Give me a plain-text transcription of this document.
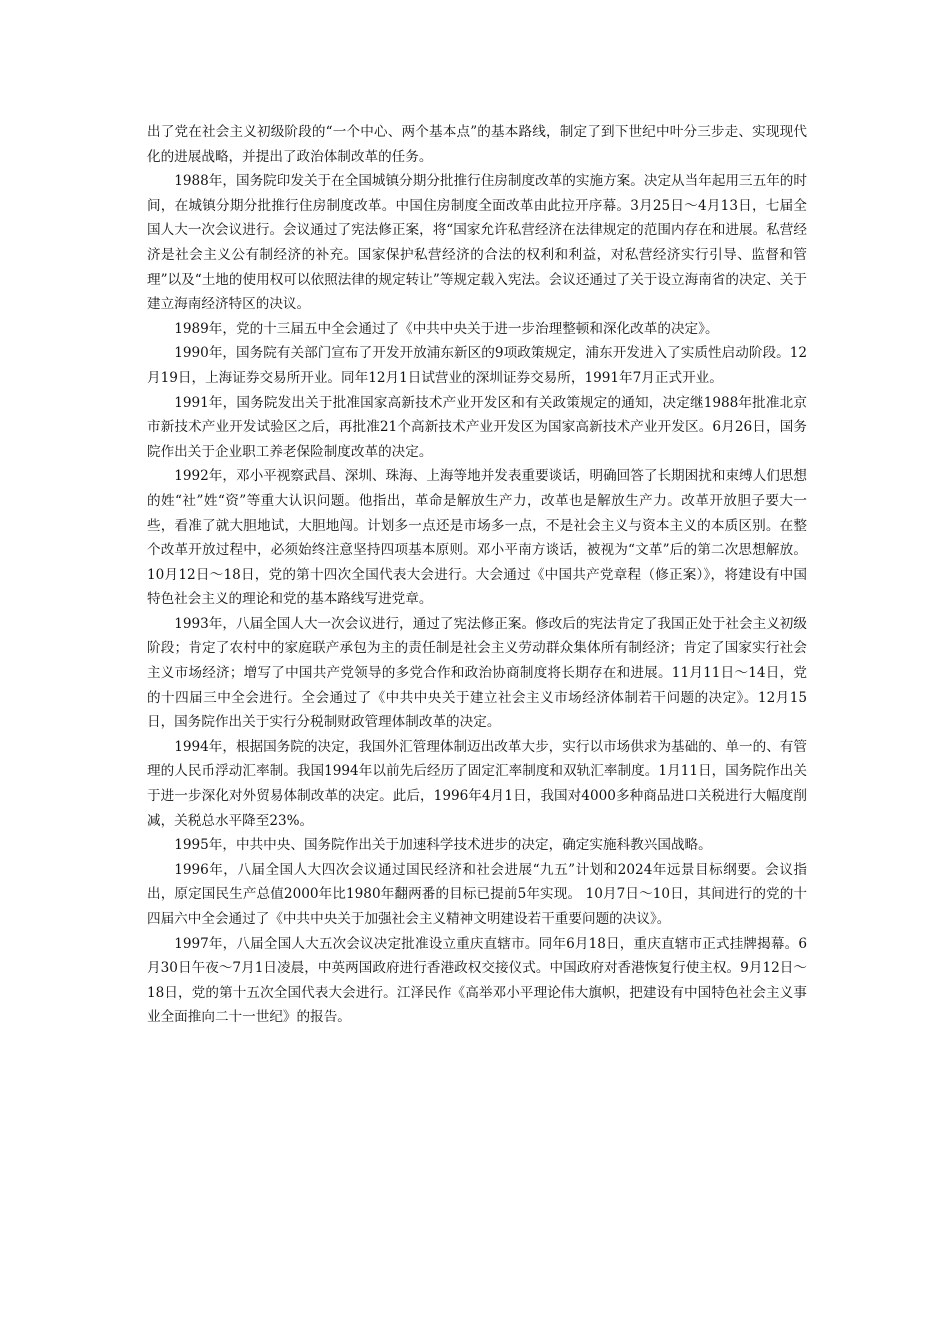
出了党在社会主义初级阶段的“一个中心、两个基本点”的基本路线，制定了到下世纪中叶分三步走、实现现代化的进展战略，并提出了政治体制改革的任务。

1988年，国务院印发关于在全国城镇分期分批推行住房制度改革的实施方案。决定从当年起用三五年的时间，在城镇分期分批推行住房制度改革。中国住房制度全面改革由此拉开序幕。3月25日～4月13日，七届全国人大一次会议进行。会议通过了宪法修正案，将“国家允许私营经济在法律规定的范围内存在和进展。私营经济是社会主义公有制经济的补充。国家保护私营经济的合法的权利和利益，对私营经济实行引导、监督和管理”以及“土地的使用权可以依照法律的规定转让”等规定载入宪法。会议还通过了关于设立海南省的决定、关于建立海南经济特区的决议。

1989年，党的十三届五中全会通过了《中共中央关于进一步治理整顿和深化改革的决定》。

1990年，国务院有关部门宣布了开发开放浦东新区的9项政策规定，浦东开发进入了实质性启动阶段。12月19日，上海证券交易所开业。同年12月1日试营业的深圳证券交易所，1991年7月正式开业。

1991年，国务院发出关于批准国家高新技术产业开发区和有关政策规定的通知，决定继1988年批准北京市新技术产业开发试验区之后，再批准21个高新技术产业开发区为国家高新技术产业开发区。6月26日，国务院作出关于企业职工养老保险制度改革的决定。

1992年，邓小平视察武昌、深圳、珠海、上海等地并发表重要谈话，明确回答了长期困扰和束缚人们思想的姓“社”姓“资”等重大认识问题。他指出，革命是解放生产力，改革也是解放生产力。改革开放胆子要大一些，看准了就大胆地试，大胆地闯。计划多一点还是市场多一点，不是社会主义与资本主义的本质区别。在整个改革开放过程中，必须始终注意坚持四项基本原则。邓小平南方谈话，被视为“文革”后的第二次思想解放。10月12日～18日，党的第十四次全国代表大会进行。大会通过《中国共产党章程（修正案）》，将建设有中国特色社会主义的理论和党的基本路线写进党章。

1993年，八届全国人大一次会议进行，通过了宪法修正案。修改后的宪法肯定了我国正处于社会主义初级阶段；肯定了农村中的家庭联产承包为主的责任制是社会主义劳动群众集体所有制经济；肯定了国家实行社会主义市场经济；增写了中国共产党领导的多党合作和政治协商制度将长期存在和进展。11月11日～14日，党的十四届三中全会进行。全会通过了《中共中央关于建立社会主义市场经济体制若干问题的决定》。12月15日，国务院作出关于实行分税制财政管理体制改革的决定。

1994年，根据国务院的决定，我国外汇管理体制迈出改革大步，实行以市场供求为基础的、单一的、有管理的人民币浮动汇率制。我国1994年以前先后经历了固定汇率制度和双轨汇率制度。1月11日，国务院作出关于进一步深化对外贸易体制改革的决定。此后，1996年4月1日，我国对4000多种商品进口关税进行大幅度削减，关税总水平降至23%。

1995年，中共中央、国务院作出关于加速科学技术进步的决定，确定实施科教兴国战略。

1996年，八届全国人大四次会议通过国民经济和社会进展“九五”计划和2024年远景目标纲要。会议指出，原定国民生产总值2000年比1980年翻两番的目标已提前5年实现。 10月7日～10日，其间进行的党的十四届六中全会通过了《中共中央关于加强社会主义精神文明建设若干重要问题的决议》。

1997年，八届全国人大五次会议决定批准设立重庆直辖市。同年6月18日，重庆直辖市正式挂牌揭幕。6月30日午夜～7月1日凌晨，中英两国政府进行香港政权交接仪式。中国政府对香港恢复行使主权。9月12日～18日，党的第十五次全国代表大会进行。江泽民作《高举邓小平理论伟大旗帜，把建设有中国特色社会主义事业全面推向二十一世纪》的报告。
